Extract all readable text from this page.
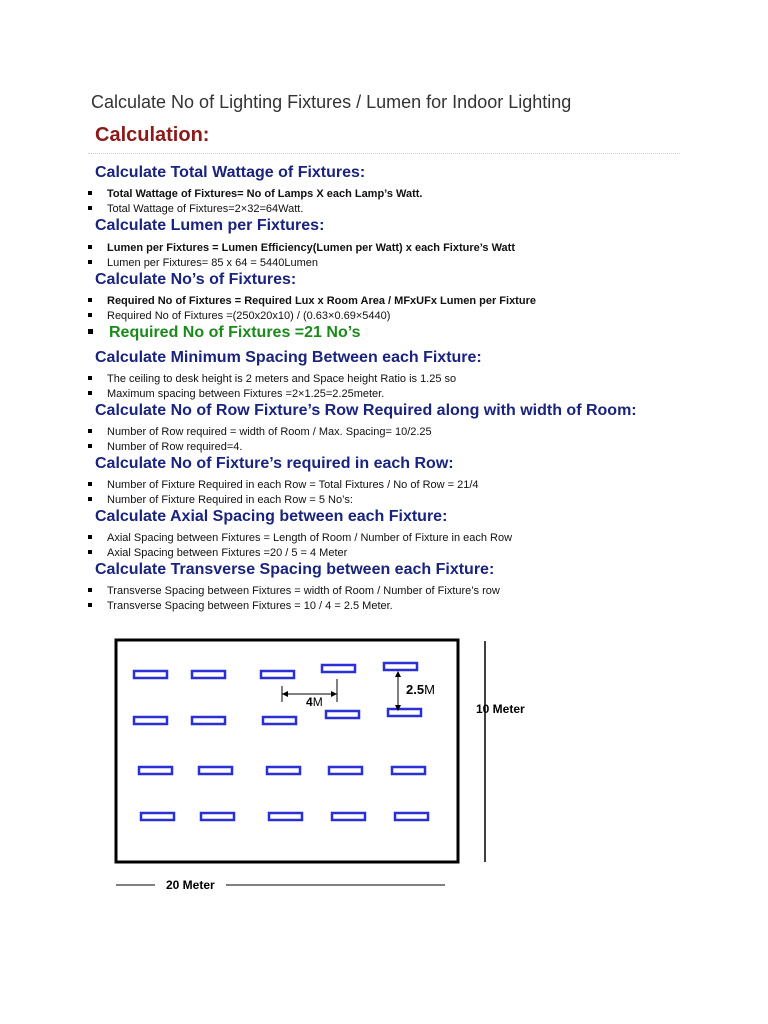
Calculate No of Lighting Fixtures / Lumen for Indoor Lighting
Calculation:
Calculate Total Wattage of Fixtures:
Total Wattage of Fixtures= No of Lamps X each Lamp’s Watt.
Total Wattage of Fixtures=2×32=64Watt.
Calculate Lumen per Fixtures:
Lumen per Fixtures = Lumen Efficiency(Lumen per Watt) x each Fixture’s Watt
Lumen per Fixtures= 85 x 64 = 5440Lumen
Calculate No’s of Fixtures:
Required No of Fixtures = Required Lux x Room Area / MFxUFx Lumen per Fixture
Required No of Fixtures =(250x20x10) / (0.63×0.69×5440)
Required No of Fixtures =21 No’s
Calculate Minimum Spacing Between each Fixture:
The ceiling to desk height is 2 meters and Space height Ratio is 1.25 so
Maximum spacing between Fixtures =2×1.25=2.25meter.
Calculate No of Row Fixture’s Row Required along with width of Room:
Number of Row required = width of Room / Max. Spacing= 10/2.25
Number of Row required=4.
Calculate No of Fixture’s required in each Row:
Number of Fixture Required in each Row = Total Fixtures / No of Row = 21/4
Number of Fixture Required in each Row = 5 No’s:
Calculate Axial Spacing between each Fixture:
Axial Spacing between Fixtures = Length of Room / Number of Fixture in each Row
Axial Spacing between Fixtures =20 / 5 = 4 Meter
Calculate Transverse Spacing between each Fixture:
Transverse Spacing between Fixtures = width of Room / Number of Fixture’s row
Transverse Spacing between Fixtures = 10 / 4 = 2.5 Meter.
4M
2.5M
10 Meter
20 Meter
